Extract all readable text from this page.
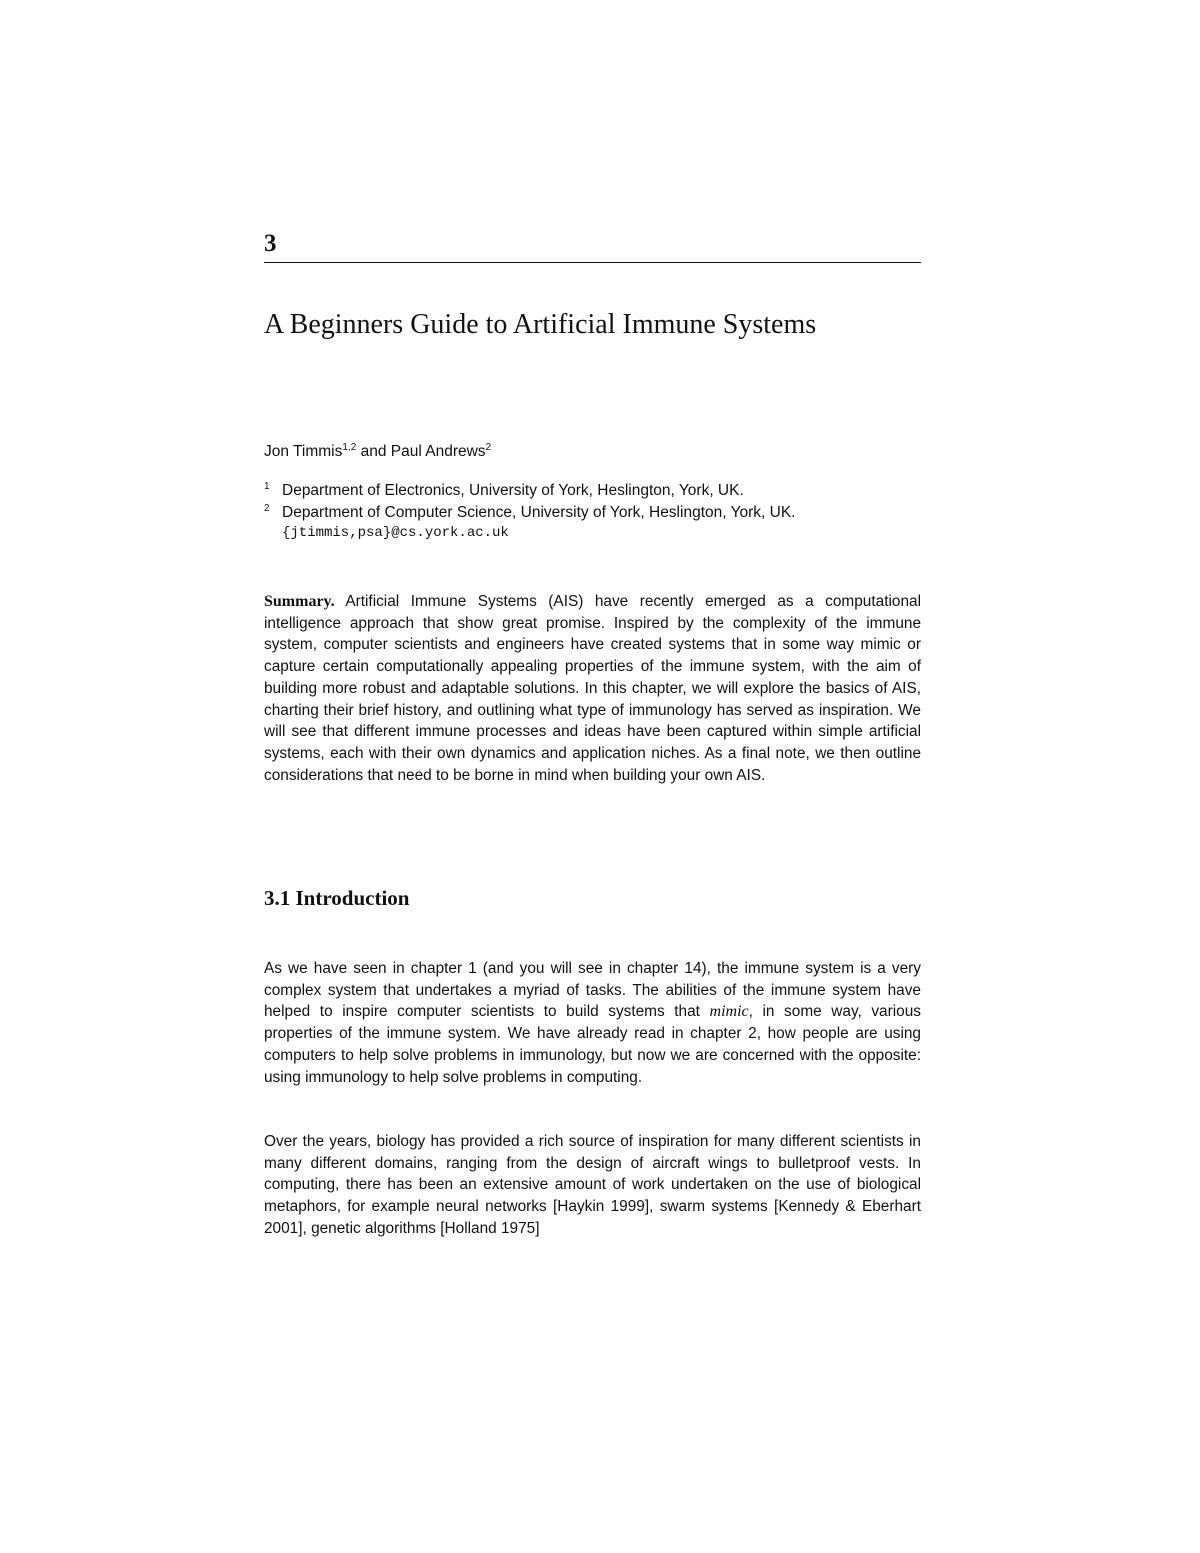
3
A Beginners Guide to Artificial Immune Systems
Jon Timmis$^{1,2}$ and Paul Andrews$^2$
1 Department of Electronics, University of York, Heslington, York, UK.
2 Department of Computer Science, University of York, Heslington, York, UK.
{jtimmis,psa}@cs.york.ac.uk

Summary. Artificial Immune Systems (AIS) have recently emerged as a computational intelligence approach that show great promise. Inspired by the complexity of the immune system, computer scientists and engineers have created systems that in some way mimic or capture certain computationally appealing properties of the immune system, with the aim of building more robust and adaptable solutions. In this chapter, we will explore the basics of AIS, charting their brief history, and outlining what type of immunology has served as inspiration. We will see that different immune processes and ideas have been captured within simple artificial systems, each with their own dynamics and application niches. As a final note, we then outline considerations that need to be borne in mind when building your own AIS.

3.1 Introduction

As we have seen in chapter 1 (and you will see in chapter 14), the immune system is a very complex system that undertakes a myriad of tasks. The abilities of the immune system have helped to inspire computer scientists to build systems that mimic, in some way, various properties of the immune system. We have already read in chapter 2, how people are using computers to help solve problems in immunology, but now we are concerned with the opposite: using immunology to help solve problems in computing.

Over the years, biology has provided a rich source of inspiration for many different scientists in many different domains, ranging from the design of aircraft wings to bulletproof vests. In computing, there has been an extensive amount of work undertaken on the use of biological metaphors, for example neural networks [Haykin 1999], swarm systems [Kennedy & Eberhart 2001], genetic algorithms [Holland 1975]
